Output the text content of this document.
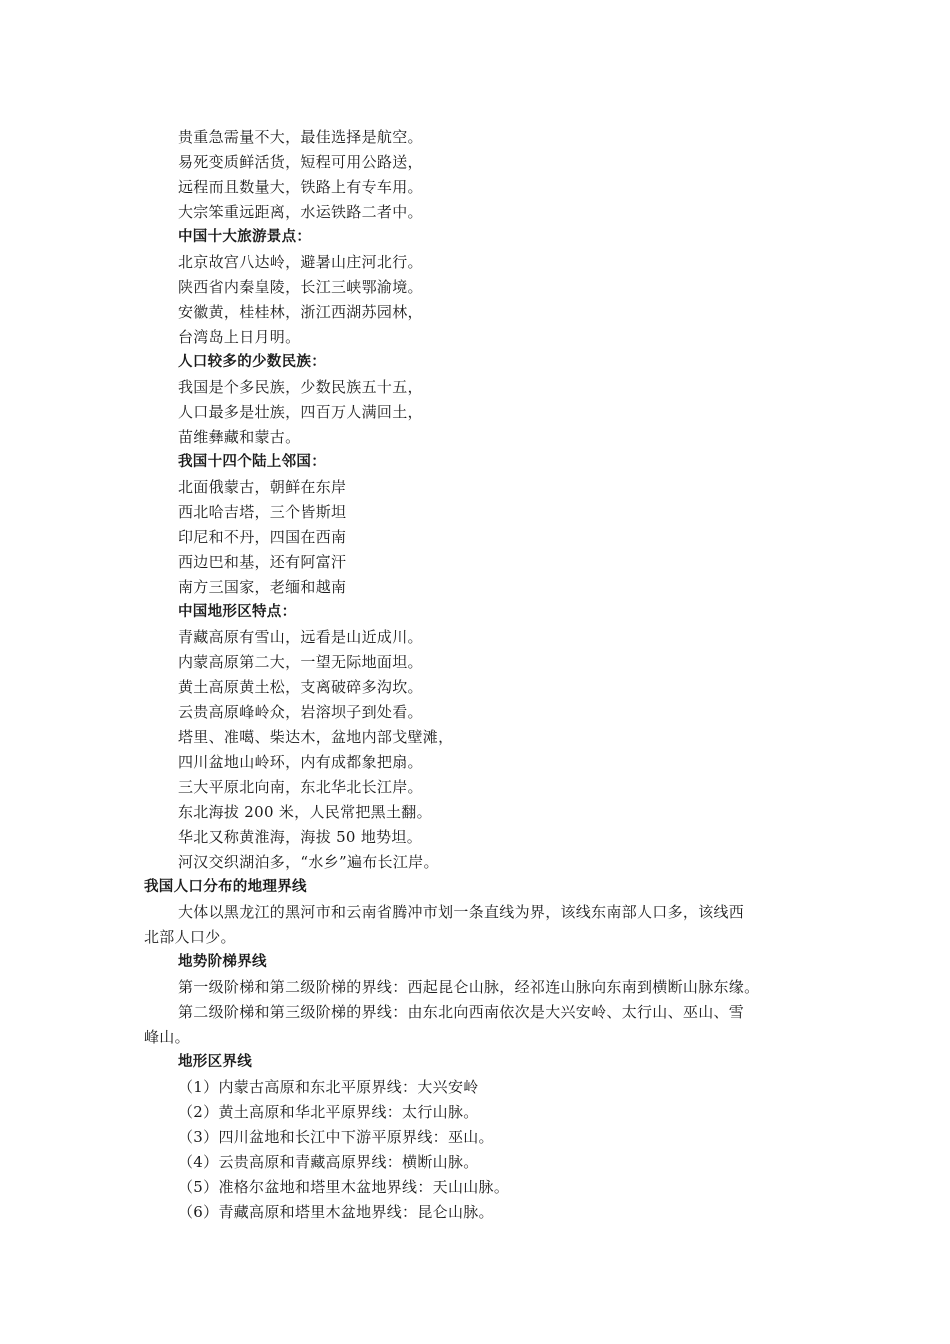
贵重急需量不大，最佳选择是航空。
易死变质鲜活货，短程可用公路送，
远程而且数量大，铁路上有专车用。
大宗笨重远距离，水运铁路二者中。
中国十大旅游景点：
北京故宫八达岭，避暑山庄河北行。
陕西省内秦皇陵，长江三峡鄂渝境。
安徽黄，桂桂林，浙江西湖苏园林，
台湾岛上日月明。
人口较多的少数民族：
我国是个多民族，少数民族五十五，
人口最多是壮族，四百万人满回土，
苗维彝藏和蒙古。
我国十四个陆上邻国：
北面俄蒙古，朝鲜在东岸
西北哈吉塔，三个皆斯坦
印尼和不丹，四国在西南
西边巴和基，还有阿富汗
南方三国家，老缅和越南
中国地形区特点：
青藏高原有雪山，远看是山近成川。
内蒙高原第二大，一望无际地面坦。
黄土高原黄土松，支离破碎多沟坎。
云贵高原峰岭众，岩溶坝子到处看。
塔里、准噶、柴达木，盆地内部戈壁滩，
四川盆地山岭环，内有成都象把扇。
三大平原北向南，东北华北长江岸。
东北海拔 200 米，人民常把黑土翻。
华北又称黄淮海，海拔 50 地势坦。
河汉交织湖泊多，“水乡”遍布长江岸。
我国人口分布的地理界线
大体以黑龙江的黑河市和云南省腾冲市划一条直线为界，该线东南部人口多，该线西
北部人口少。
地势阶梯界线
第一级阶梯和第二级阶梯的界线：西起昆仑山脉，经祁连山脉向东南到横断山脉东缘。
第二级阶梯和第三级阶梯的界线：由东北向西南依次是大兴安岭、太行山、巫山、雪
峰山。
地形区界线
（1）内蒙古高原和东北平原界线：大兴安岭
（2）黄土高原和华北平原界线：太行山脉。
（3）四川盆地和长江中下游平原界线：巫山。
（4）云贵高原和青藏高原界线：横断山脉。
（5）准格尔盆地和塔里木盆地界线：天山山脉。
（6）青藏高原和塔里木盆地界线：昆仑山脉。
